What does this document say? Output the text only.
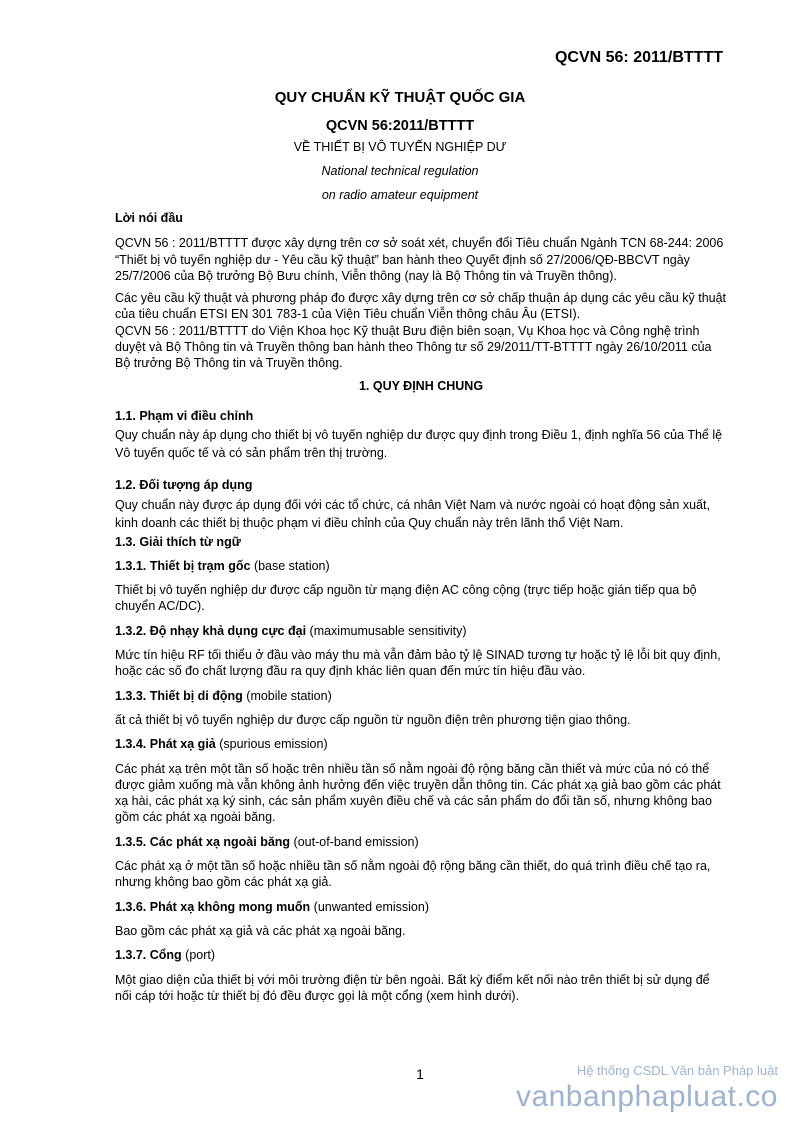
QCVN 56: 2011/BTTTT
QUY CHUẨN KỸ THUẬT QUỐC GIA
QCVN 56:2011/BTTTT
VỀ THIẾT BỊ VÔ TUYẾN NGHIỆP DƯ
National technical regulation
on radio amateur equipment

Lời nói đầu

QCVN 56 : 2011/BTTTT được xây dựng trên cơ sở soát xét, chuyển đổi Tiêu chuẩn Ngành TCN 68-244: 2006 “Thiết bị vô tuyến nghiệp dư - Yêu cầu kỹ thuật” ban hành theo Quyết định số 27/2006/QĐ-BBCVT ngày 25/7/2006 của Bộ trưởng Bộ Bưu chính, Viễn thông (nay là Bộ Thông tin và Truyền thông).

Các yêu cầu kỹ thuật và phương pháp đo được xây dựng trên cơ sở chấp thuận áp dụng các yêu cầu kỹ thuật của tiêu chuẩn ETSI EN 301 783-1 của Viện Tiêu chuẩn Viễn thông châu Âu (ETSI).

QCVN 56 : 2011/BTTTT do Viện Khoa học Kỹ thuật Bưu điện biên soạn, Vụ Khoa học và Công nghệ trình duyệt và Bộ Thông tin và Truyền thông ban hành theo Thông tư số 29/2011/TT-BTTTT ngày 26/10/2011 của Bộ trưởng Bộ Thông tin và Truyền thông.

1. QUY ĐỊNH CHUNG

1.1. Phạm vi điều chỉnh

Quy chuẩn này áp dụng cho thiết bị vô tuyến nghiệp dư được quy định trong Điều 1, định nghĩa 56 của Thể lệ Vô tuyến quốc tế và có sản phẩm trên thị trường.

1.2. Đối tượng áp dụng

Quy chuẩn này được áp dụng đối với các tổ chức, cá nhân Việt Nam và nước ngoài có hoạt động sản xuất, kinh doanh các thiết bị thuộc phạm vi điều chỉnh của Quy chuẩn này trên lãnh thổ Việt Nam.

1.3. Giải thích từ ngữ

1.3.1. Thiết bị trạm gốc (base station)

Thiết bị vô tuyến nghiệp dư được cấp nguồn từ mạng điện AC công cộng (trực tiếp hoặc gián tiếp qua bộ chuyển AC/DC).

1.3.2. Độ nhạy khả dụng cực đại (maximumusable sensitivity)

Mức tín hiệu RF tối thiểu ở đầu vào máy thu mà vẫn đảm bảo tỷ lệ SINAD tương tự hoặc tỷ lệ lỗi bit quy định, hoặc các số đo chất lượng đầu ra quy định khác liên quan đến mức tín hiệu đầu vào.

1.3.3. Thiết bị di động (mobile station)

ất cả thiết bị vô tuyến nghiệp dư được cấp nguồn từ nguồn điện trên phương tiện giao thông.

1.3.4. Phát xạ giả (spurious emission)

Các phát xạ trên một tần số hoặc trên nhiều tần số nằm ngoài độ rộng băng cần thiết và mức của nó có thể được giảm xuống mà vẫn không ảnh hưởng đến việc truyền dẫn thông tin. Các phát xạ giả bao gồm các phát xạ hài, các phát xạ ký sinh, các sản phẩm xuyên điều chế và các sản phẩm do đổi tần số, nhưng không bao gồm các phát xạ ngoài băng.

1.3.5. Các phát xạ ngoài băng (out-of-band emission)

Các phát xạ ở một tần số hoặc nhiều tần số nằm ngoài độ rộng băng cần thiết, do quá trình điều chế tạo ra, nhưng không bao gồm các phát xạ giả.

1.3.6. Phát xạ không mong muốn (unwanted emission)

Bao gồm các phát xạ giả và các phát xạ ngoài băng.

1.3.7. Cổng (port)

Một giao diện của thiết bị với môi trường điện từ bên ngoài. Bất kỳ điểm kết nối nào trên thiết bị sử dụng để nối cáp tới hoặc từ thiết bị đó đều được gọi là một cổng (xem hình dưới).

1	Hệ thống CSDL Văn bản Pháp luật
vanbanphapluat.co
